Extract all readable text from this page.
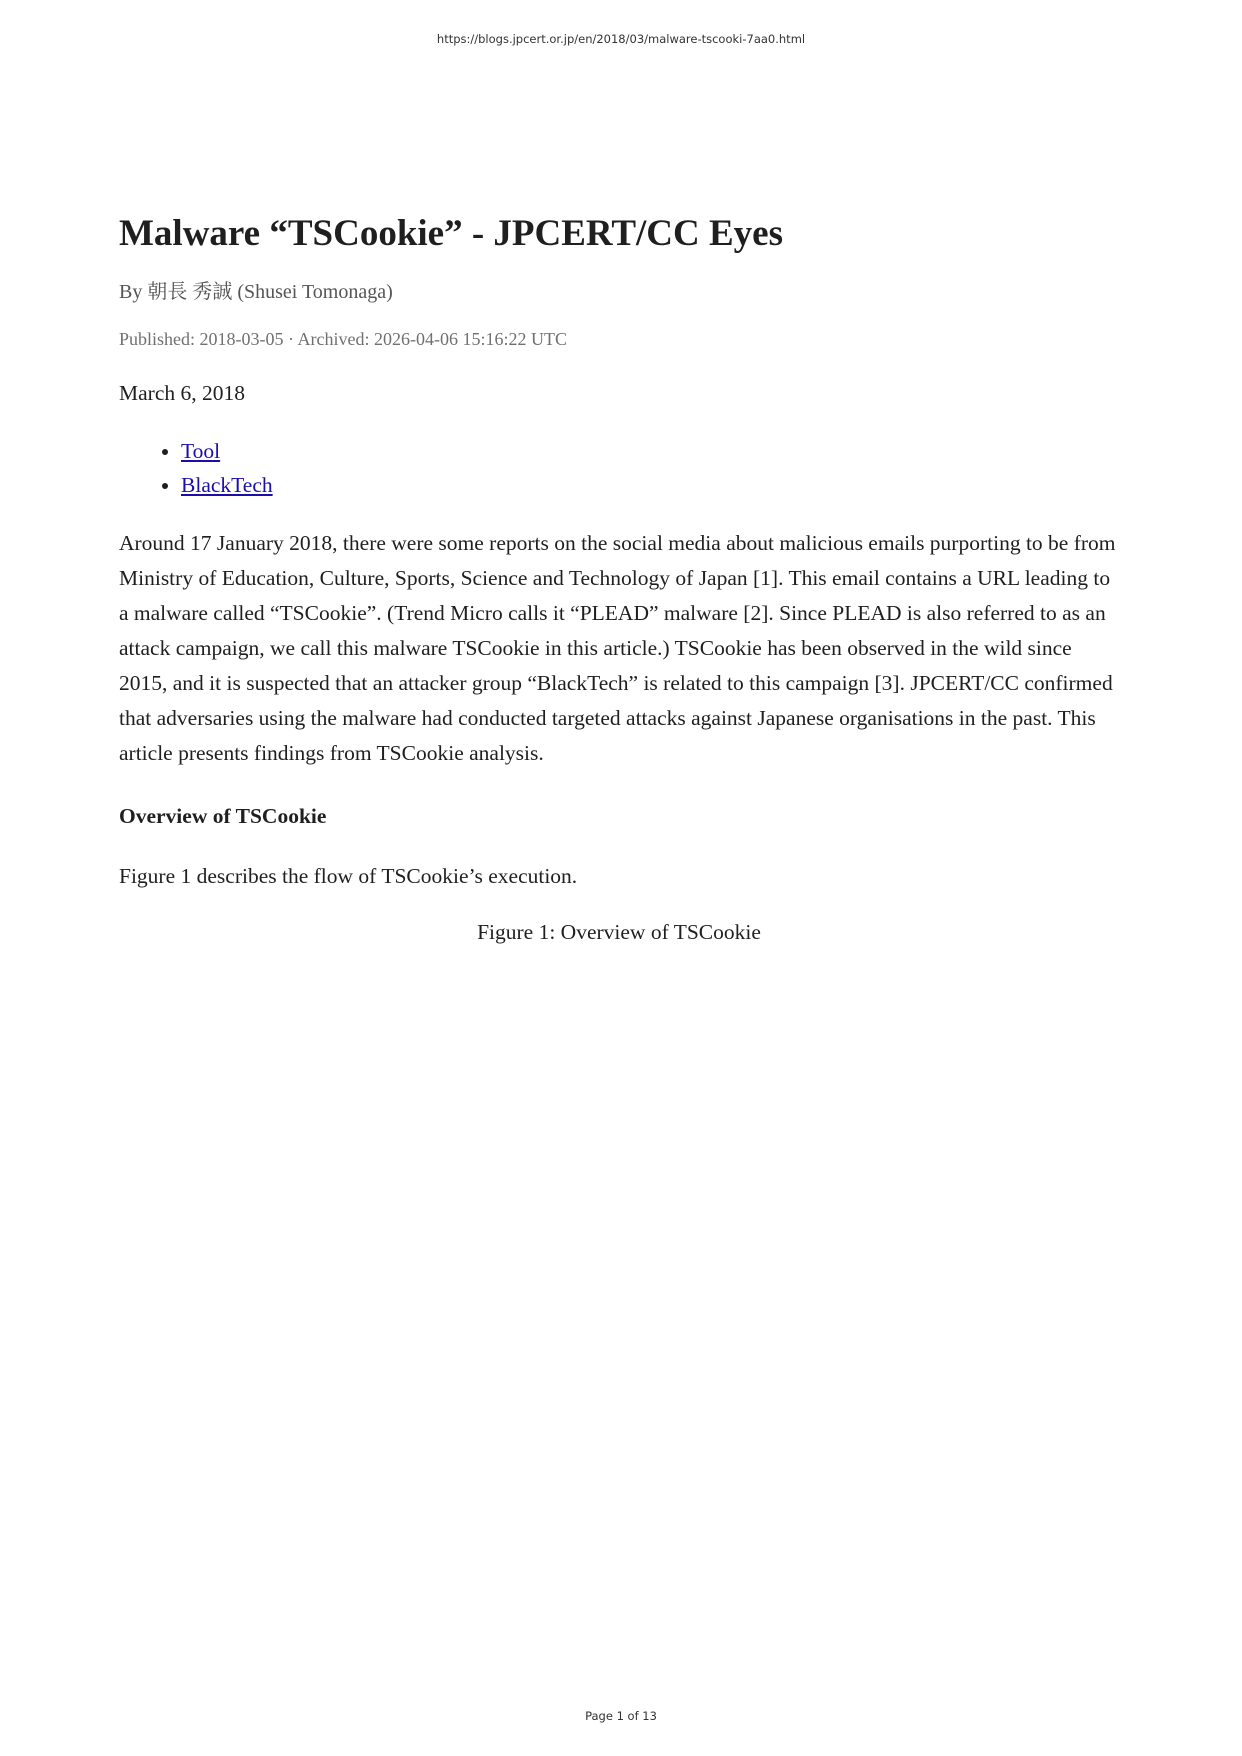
https://blogs.jpcert.or.jp/en/2018/03/malware-tscooki-7aa0.html
Malware “TSCookie” - JPCERT/CC Eyes
By 朝長 秀誠 (Shusei Tomonaga)
Published: 2018-03-05 · Archived: 2026-04-06 15:16:22 UTC
March 6, 2018
• Tool
• BlackTech

Around 17 January 2018, there were some reports on the social media about malicious emails purporting to be from Ministry of Education, Culture, Sports, Science and Technology of Japan [1]. This email contains a URL leading to a malware called “TSCookie”. (Trend Micro calls it “PLEAD” malware [2]. Since PLEAD is also referred to as an attack campaign, we call this malware TSCookie in this article.) TSCookie has been observed in the wild since 2015, and it is suspected that an attacker group “BlackTech” is related to this campaign [3]. JPCERT/CC confirmed that adversaries using the malware had conducted targeted attacks against Japanese organisations in the past. This article presents findings from TSCookie analysis.

Overview of TSCookie
Figure 1 describes the flow of TSCookie’s execution.
Figure 1: Overview of TSCookie
Page 1 of 13
